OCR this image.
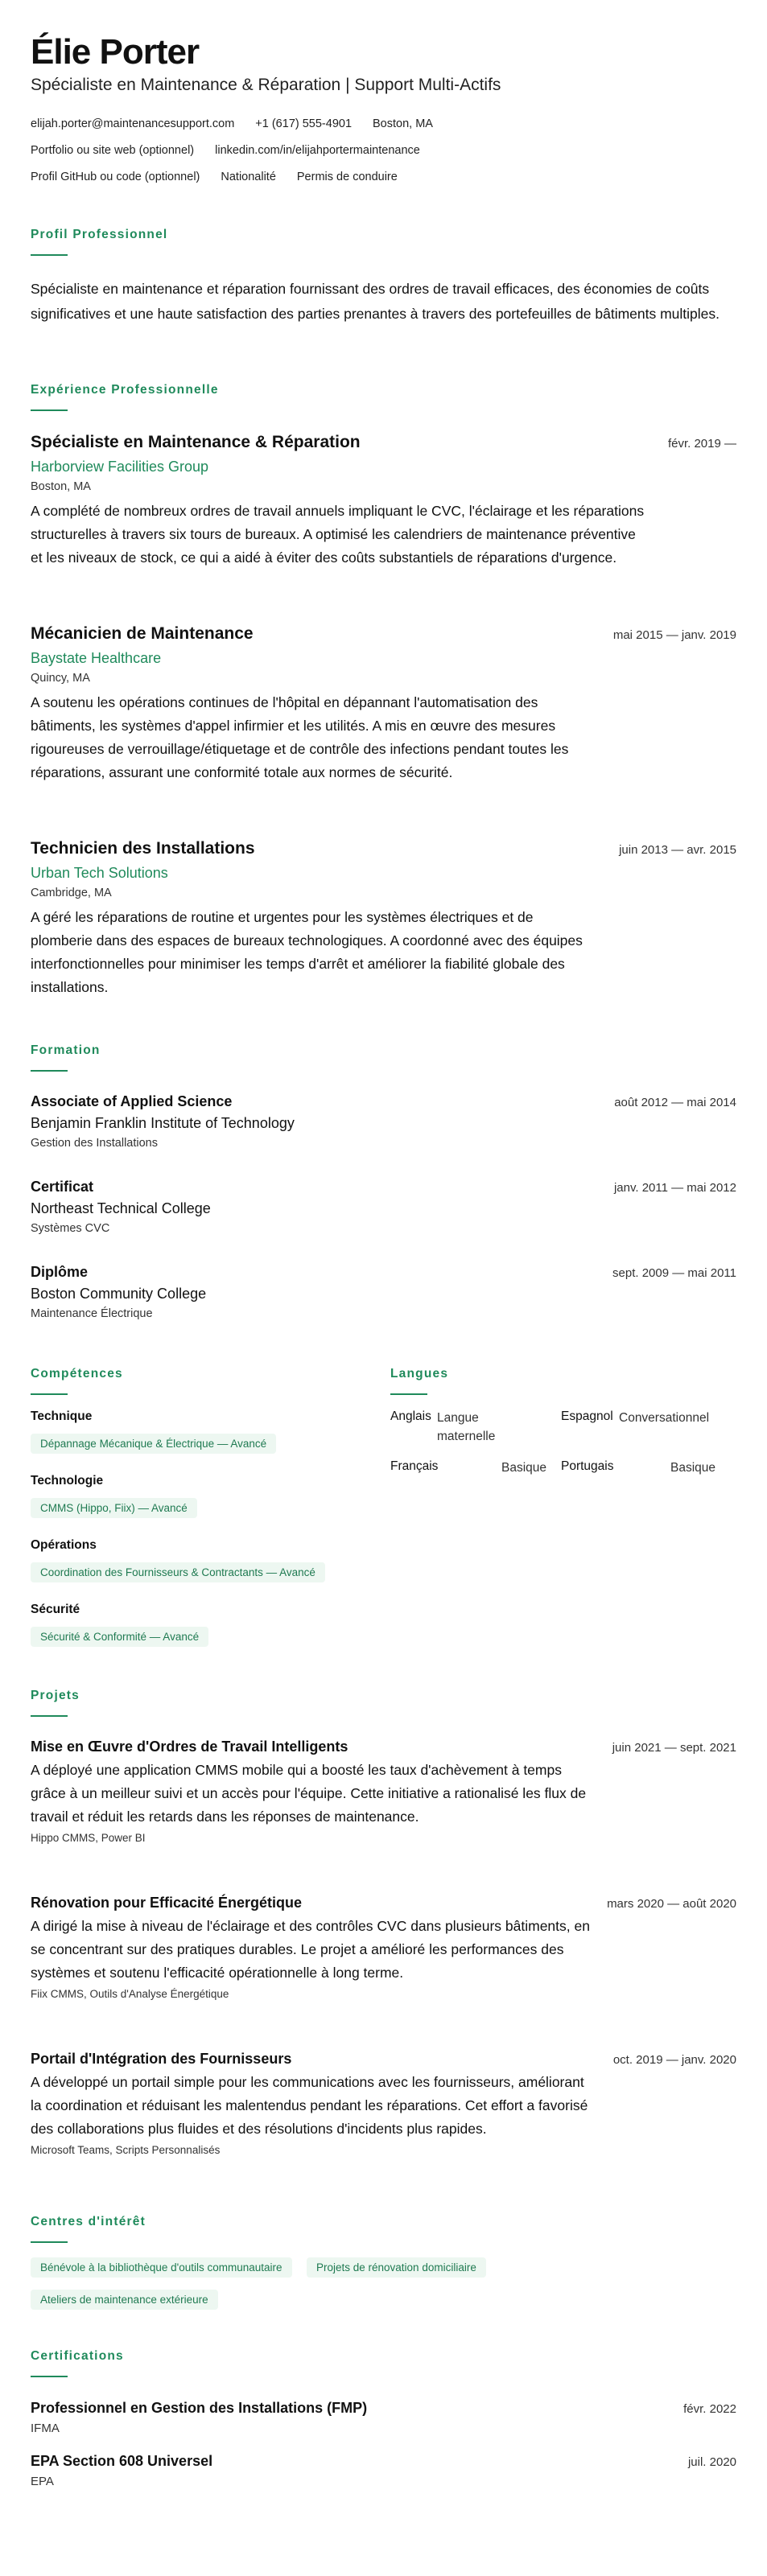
Élie Porter
Spécialiste en Maintenance & Réparation | Support Multi-Actifs
elijah.porter@maintenancesupport.com +1 (617) 555-4901 Boston, MA
Portfolio ou site web (optionnel) linkedin.com/in/elijahportermaintenance
Profil GitHub ou code (optionnel) Nationalité Permis de conduire
Profil Professionnel
Spécialiste en maintenance et réparation fournissant des ordres de travail efficaces, des économies de coûts significatives et une haute satisfaction des parties prenantes à travers des portefeuilles de bâtiments multiples.
Expérience Professionnelle
Spécialiste en Maintenance & Réparation	févr. 2019 —
Harborview Facilities Group
Boston, MA
A complété de nombreux ordres de travail annuels impliquant le CVC, l'éclairage et les réparations structurelles à travers six tours de bureaux. A optimisé les calendriers de maintenance préventive et les niveaux de stock, ce qui a aidé à éviter des coûts substantiels de réparations d'urgence.
Mécanicien de Maintenance	mai 2015 — janv. 2019
Baystate Healthcare
Quincy, MA
A soutenu les opérations continues de l'hôpital en dépannant l'automatisation des bâtiments, les systèmes d'appel infirmier et les utilités. A mis en œuvre des mesures rigoureuses de verrouillage/étiquetage et de contrôle des infections pendant toutes les réparations, assurant une conformité totale aux normes de sécurité.
Technicien des Installations	juin 2013 — avr. 2015
Urban Tech Solutions
Cambridge, MA
A géré les réparations de routine et urgentes pour les systèmes électriques et de plomberie dans des espaces de bureaux technologiques. A coordonné avec des équipes interfonctionnelles pour minimiser les temps d'arrêt et améliorer la fiabilité globale des installations.
Formation
Associate of Applied Science	août 2012 — mai 2014
Benjamin Franklin Institute of Technology
Gestion des Installations
Certificat	janv. 2011 — mai 2012
Northeast Technical College
Systèmes CVC
Diplôme	sept. 2009 — mai 2011
Boston Community College
Maintenance Électrique
Compétences
Technique
Dépannage Mécanique & Électrique — Avancé
Technologie
CMMS (Hippo, Fiix) — Avancé
Opérations
Coordination des Fournisseurs & Contractants — Avancé
Sécurité
Sécurité & Conformité — Avancé
Langues
Anglais Langue maternelle
Espagnol Conversationnel
Français	Basique Portugais	Basique
Projets
Mise en Œuvre d'Ordres de Travail Intelligents	juin 2021 — sept. 2021
A déployé une application CMMS mobile qui a boosté les taux d'achèvement à temps grâce à un meilleur suivi et un accès pour l'équipe. Cette initiative a rationalisé les flux de travail et réduit les retards dans les réponses de maintenance.
Hippo CMMS, Power BI
Rénovation pour Efficacité Énergétique	mars 2020 — août 2020
A dirigé la mise à niveau de l'éclairage et des contrôles CVC dans plusieurs bâtiments, en se concentrant sur des pratiques durables. Le projet a amélioré les performances des systèmes et soutenu l'efficacité opérationnelle à long terme.
Fiix CMMS, Outils d'Analyse Énergétique
Portail d'Intégration des Fournisseurs	oct. 2019 — janv. 2020
A développé un portail simple pour les communications avec les fournisseurs, améliorant la coordination et réduisant les malentendus pendant les réparations. Cet effort a favorisé des collaborations plus fluides et des résolutions d'incidents plus rapides.
Microsoft Teams, Scripts Personnalisés
Centres d'intérêt
Bénévole à la bibliothèque d'outils communautaire	Projets de rénovation domiciliaire
Ateliers de maintenance extérieure
Certifications
Professionnel en Gestion des Installations (FMP)	févr. 2022
IFMA
EPA Section 608 Universel	juil. 2020
EPA
